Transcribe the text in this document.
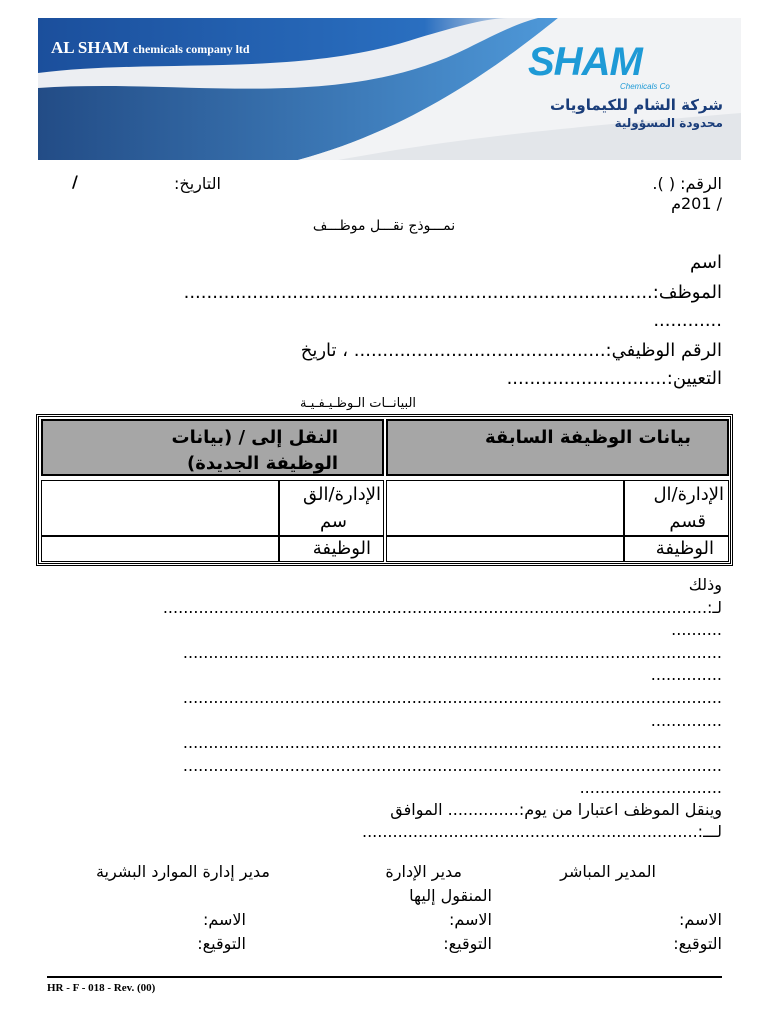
AL SHAM chemicals company ltd	SHAM
Chemicals Co
شركة الشام للكيماويات
محدودة المسؤولية
الرقم: ( ).
التاريخ:
/
/ 201م
نمـــوذج نقـــل موظـــف
اسم
الموظف:..................................................................................
............
الرقم الوظيفي:............................................ ، تاريخ
التعيين:............................
البيانــات الـوظـيـفـيـة
النقل إلى / (بيانات
الوظيفة الجديدة)
بيانات الوظيفة السابقة
الإدارة/الق
سم
الإدارة/ال
قسم
الوظيفة	الوظيفة
وذلك
لـ:...........................................................................................................
..........
..........................................................................................................
..............
..........................................................................................................
..............
..........................................................................................................
..........................................................................................................
............................
وينقل الموظف اعتبارا من يوم:.............. الموافق
لـــ:..................................................................
المدير المباشر
مدير الإدارة
المنقول إليها
مدير إدارة الموارد البشرية
الاسم:
الاسم:
الاسم:
التوقيع:
التوقيع:
التوقيع:
HR - F - 018 - Rev. (00)
